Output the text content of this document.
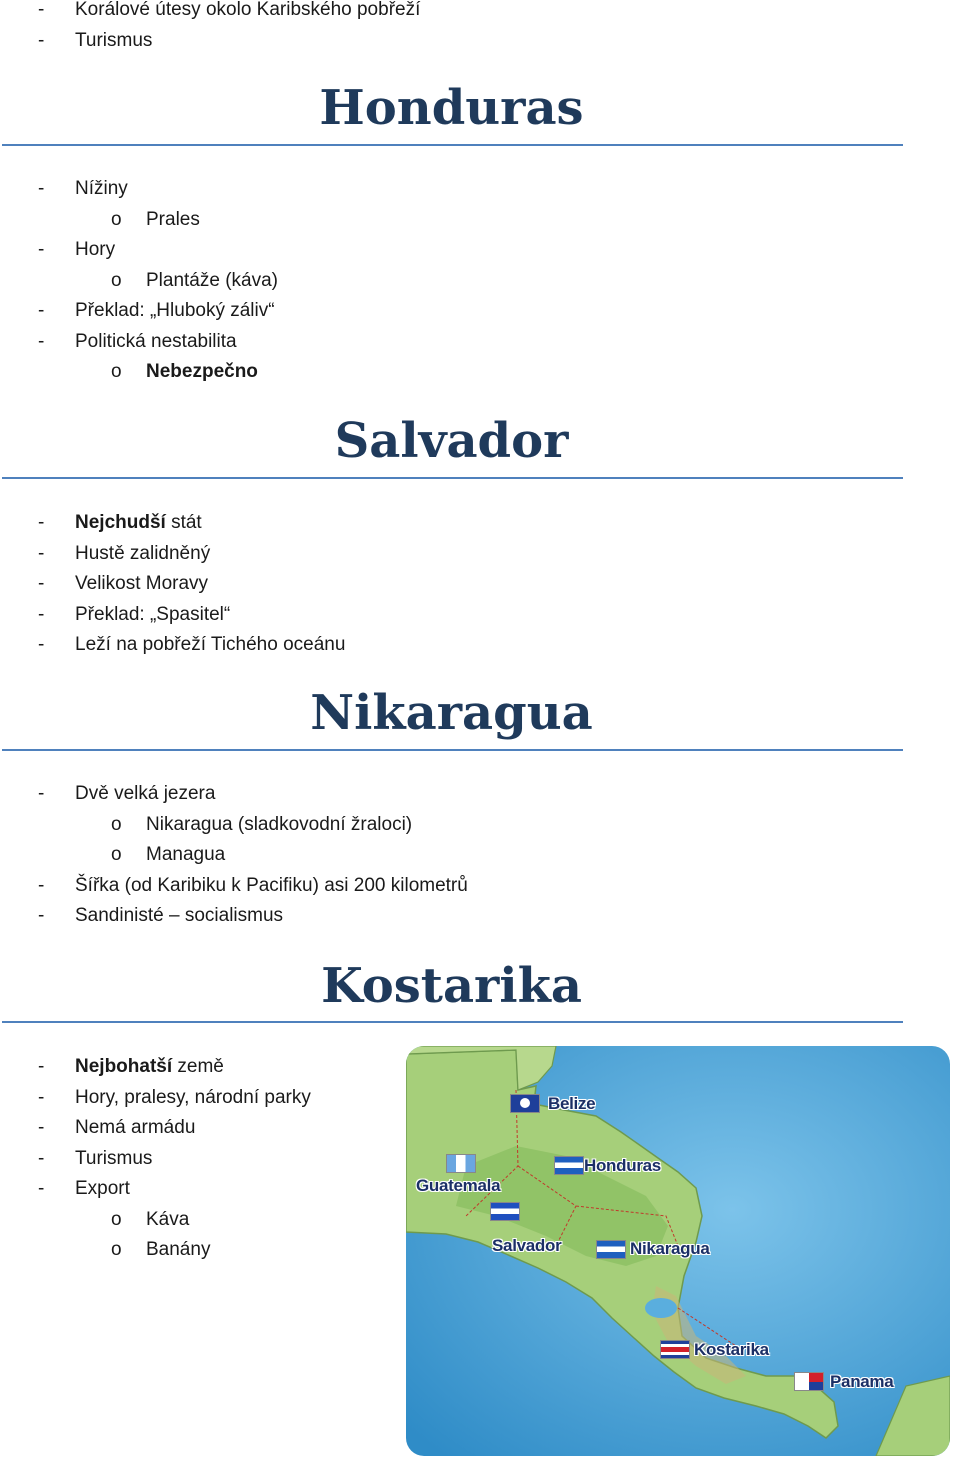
- Korálové útesy okolo Karibského pobřeží
- Turismus
Honduras
- Nížiny
o Prales
- Hory
o Plantáže (káva)
- Překlad: „Hluboký záliv“
- Politická nestabilita
o Nebezpečno
Salvador
- Nejchudší stát
- Hustě zalidněný
- Velikost Moravy
- Překlad: „Spasitel“
- Leží na pobřeží Tichého oceánu
Nikaragua
- Dvě velká jezera
o Nikaragua (sladkovodní žraloci)
o Managua
- Šířka (od Karibiku k Pacifiku) asi 200 kilometrů
- Sandinisté – socialismus
Kostarika
- Nejbohatší země
- Hory, pralesy, národní parky
- Nemá armádu
- Turismus
- Export
o Káva
o Banány
Belize
Honduras
Guatemala
Salvador	Nikaragua
Kostarika
Panama
